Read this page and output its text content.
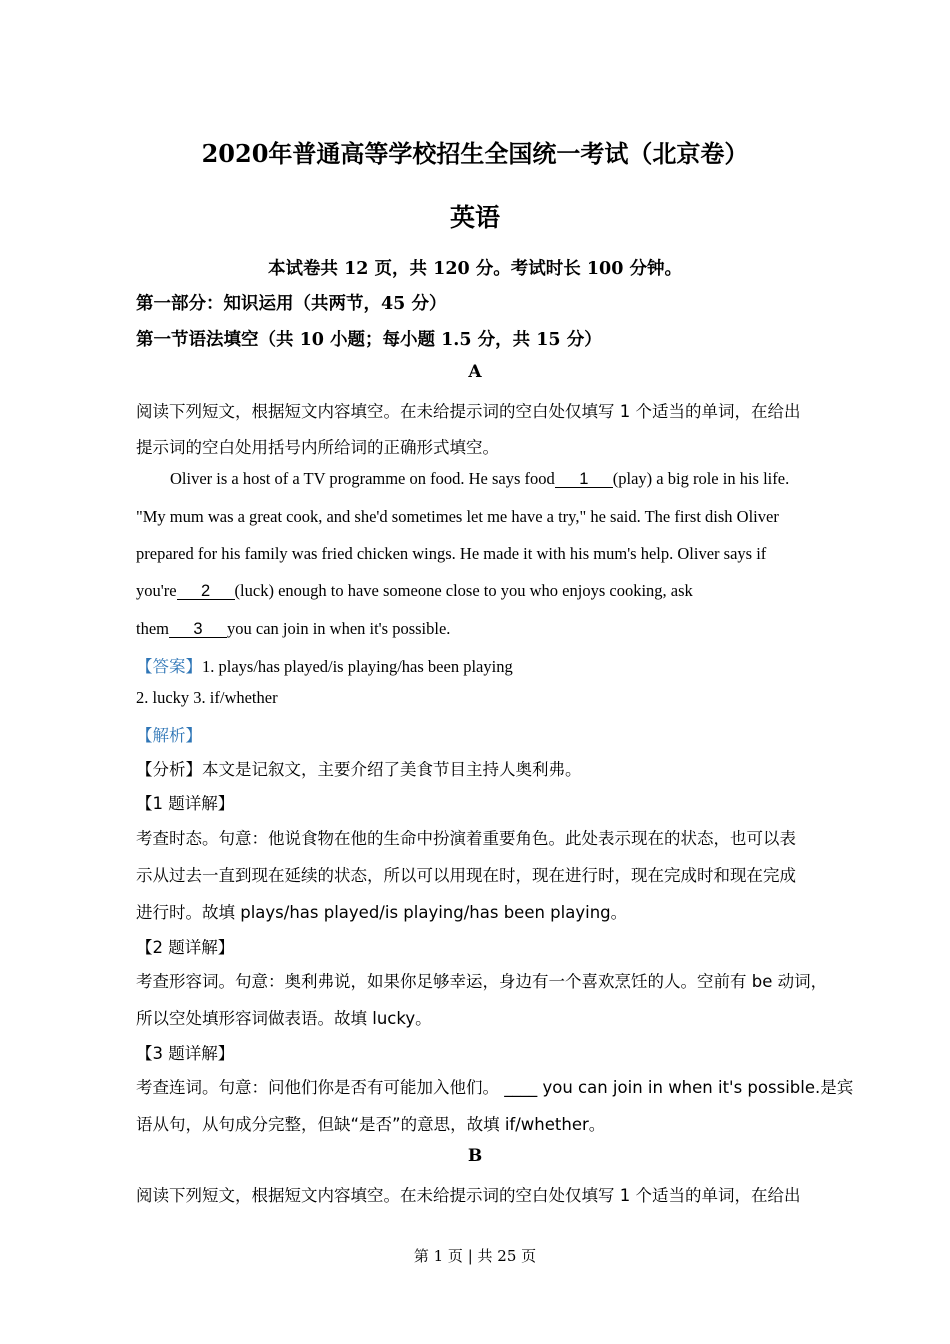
2020年普通高等学校招生全国统一考试（北京卷）
英语
本试卷共 12 页，共 120 分。考试时长 100 分钟。
第一部分：知识运用（共两节，45 分）
第一节语法填空（共 10 小题；每小题 1.5 分，共 15 分）
A
阅读下列短文，根据短文内容填空。在未给提示词的空白处仅填写 1 个适当的单词，在给出
提示词的空白处用括号内所给词的正确形式填空。
Oliver is a host of a TV programme on food. He says food 1 (play) a big role in his life.
"My mum was a great cook, and she'd sometimes let me have a try," he said. The first dish Oliver
prepared for his family was fried chicken wings. He made it with his mum's help. Oliver says if
you're 2 (luck) enough to have someone close to you who enjoys cooking, ask
them 3 you can join in when it's possible.
【答案】1. plays/has played/is playing/has been playing
2. lucky 3. if/whether
【解析】
【分析】本文是记叙文，主要介绍了美食节目主持人奥利弗。
【1 题详解】
考查时态。句意：他说食物在他的生命中扮演着重要角色。此处表示现在的状态，也可以表
示从过去一直到现在延续的状态，所以可以用现在时，现在进行时，现在完成时和现在完成
进行时。故填 plays/has played/is playing/has been playing。
【2 题详解】
考查形容词。句意：奥利弗说，如果你足够幸运，身边有一个喜欢烹饪的人。空前有 be 动词，
所以空处填形容词做表语。故填 lucky。
【3 题详解】
考查连词。句意：问他们你是否有可能加入他们。 ____ you can join in when it's possible.是宾
语从句，从句成分完整，但缺“是否”的意思，故填 if/whether。
B
阅读下列短文，根据短文内容填空。在未给提示词的空白处仅填写 1 个适当的单词，在给出
第 1 页 | 共 25 页
